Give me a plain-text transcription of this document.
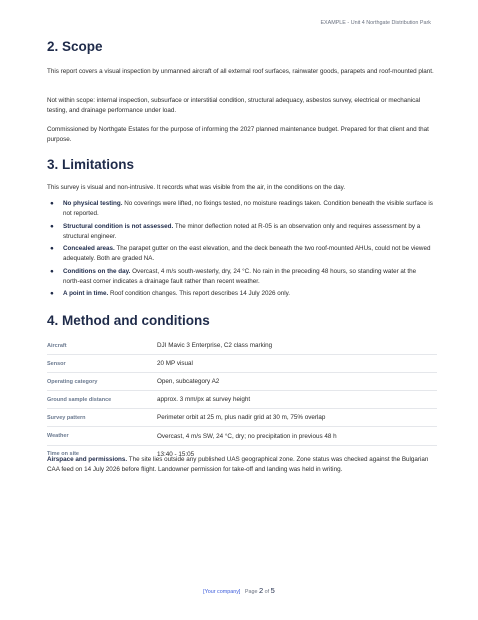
EXAMPLE - Unit 4 Northgate Distribution Park
2. Scope

This report covers a visual inspection by unmanned aircraft of all external roof surfaces, rainwater goods, parapets and roof-mounted plant.

Not within scope: internal inspection, subsurface or interstitial condition, structural adequacy, asbestos survey, electrical or mechanical testing, and drainage performance under load.

Commissioned by Northgate Estates for the purpose of informing the 2027 planned maintenance budget. Prepared for that client and that purpose.

3. Limitations

This survey is visual and non-intrusive. It records what was visible from the air, in the conditions on the day.

● No physical testing. No coverings were lifted, no fixings tested, no moisture readings taken. Condition beneath the visible surface is not reported.
● Structural condition is not assessed. The minor deflection noted at R-05 is an observation only and requires assessment by a structural engineer.
● Concealed areas. The parapet gutter on the east elevation, and the deck beneath the two roof-mounted AHUs, could not be viewed adequately. Both are graded NA.
● Conditions on the day. Overcast, 4 m/s south-westerly, dry, 24 °C. No rain in the preceding 48 hours, so standing water at the north-east corner indicates a drainage fault rather than recent weather.
● A point in time. Roof condition changes. This report describes 14 July 2026 only.
4. Method and conditions
Aircraft	DJI Mavic 3 Enterprise, C2 class marking
Sensor	20 MP visual
Operating category	Open, subcategory A2
Ground sample distance	approx. 3 mm/px at survey height
Survey pattern	Perimeter orbit at 25 m, plus nadir grid at 30 m, 75% overlap
Weather	Overcast, 4 m/s SW, 24 °C, dry; no precipitation in previous 48 h
Time on site	13:40 - 15:05

Airspace and permissions. The site lies outside any published UAS geographical zone. Zone status was checked against the Bulgarian CAA feed on 14 July 2026 before flight. Landowner permission for take-off and landing was held in writing.

[Your company] Page 2 of 5
